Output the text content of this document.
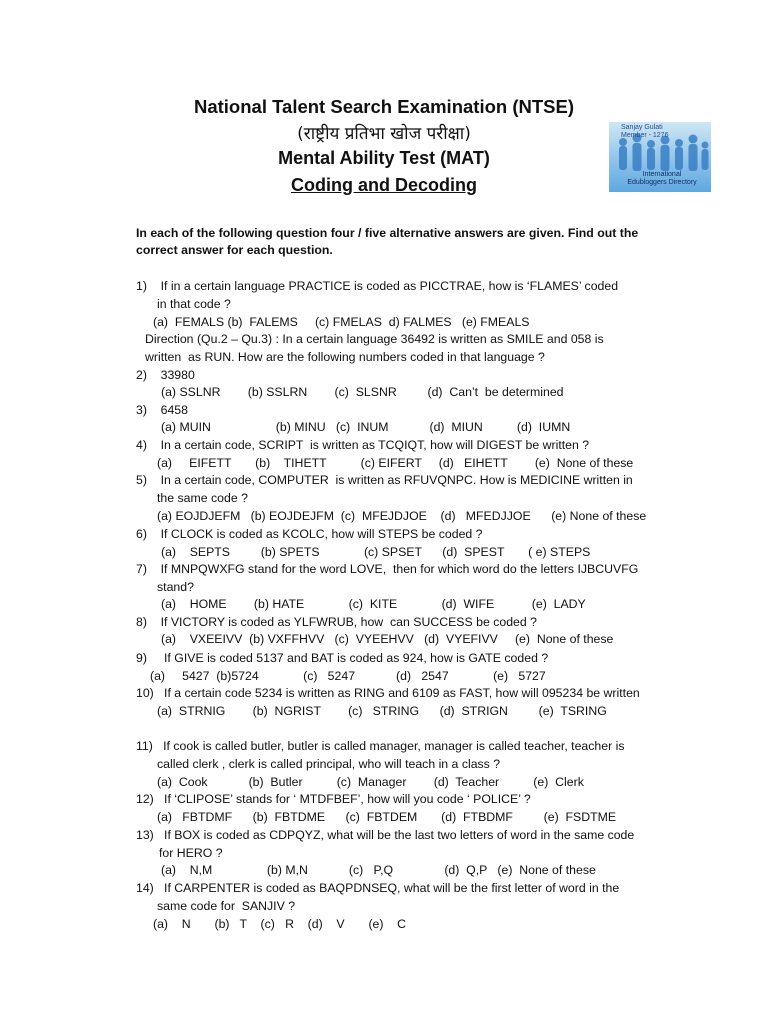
National Talent Search Examination (NTSE)
(राष्ट्रीय प्रतिभा खोज परीक्षा)
Mental Ability Test (MAT)
Coding and Decoding
Sanjay Gulati
Member - 1276
International
Edubloggers Directory
In each of the following question four / five alternative answers are given. Find out the
correct answer for each question.
1)    If in a certain language PRACTICE is coded as PICCTRAE, how is ‘FLAMES’ coded
in that code ?
(a)  FEMALS (b)  FALEMS     (c) FMELAS  d) FALMES   (e) FMEALS
Direction (Qu.2 – Qu.3) : In a certain language 36492 is written as SMILE and 058 is
written  as RUN. How are the following numbers coded in that language ?
2)    33980
(a) SSLNR        (b) SSLRN        (c)  SLSNR         (d)  Can’t  be determined
3)    6458
(a) MUIN                   (b) MINU   (c)  INUM            (d)  MIUN          (d)  IUMN
4)    In a certain code, SCRIPT  is written as TCQIQT, how will DIGEST be written ?
(a)     EIFETT       (b)    TIHETT          (c) EIFERT     (d)   EIHETT        (e)  None of these
5)    In a certain code, COMPUTER  is written as RFUVQNPC. How is MEDICINE written in
the same code ?
(a) EOJDJEFM   (b) EOJDEJFM  (c)  MFEJDJOE    (d)   MFEDJJOE      (e) None of these
6)    If CLOCK is coded as KCOLC, how will STEPS be coded ?
(a)    SEPTS         (b) SPETS             (c) SPSET      (d)  SPEST       ( e) STEPS
7)    If MNPQWXFG stand for the word LOVE,  then for which word do the letters IJBCUVFG
stand?
(a)    HOME        (b) HATE             (c)  KITE             (d)  WIFE           (e)  LADY
8)    If VICTORY is coded as YLFWRUB, how  can SUCCESS be coded ?
(a)    VXEEIVV  (b) VXFFHVV   (c)  VYEEHVV   (d)  VYEFIVV     (e)  None of these
9)     If GIVE is coded 5137 and BAT is coded as 924, how is GATE coded ?
(a)     5427  (b)5724             (c)   5247            (d)   2547             (e)   5727
10)   If a certain code 5234 is written as RING and 6109 as FAST, how will 095234 be written
(a)  STRNIG        (b)  NGRIST        (c)   STRING      (d)  STRIGN         (e)  TSRING
11)   If cook is called butler, butler is called manager, manager is called teacher, teacher is
called clerk , clerk is called principal, who will teach in a class ?
(a)  Cook            (b)  Butler          (c)  Manager        (d)  Teacher          (e)  Clerk
12)   If ‘CLIPOSE’ stands for ‘ MTDFBEF’, how will you code ‘ POLICE’ ?
(a)   FBTDMF      (b)  FBTDME      (c)  FBTDEM       (d)  FTBDMF         (e)  FSDTME
13)   If BOX is coded as CDPQYZ, what will be the last two letters of word in the same code
for HERO ?
(a)    N,M                (b) M,N            (c)   P,Q               (d)  Q,P   (e)  None of these
14)   If CARPENTER is coded as BAQPDNSEQ, what will be the first letter of word in the
same code for  SANJIV ?
(a)    N       (b)   T    (c)   R    (d)    V       (e)    C
